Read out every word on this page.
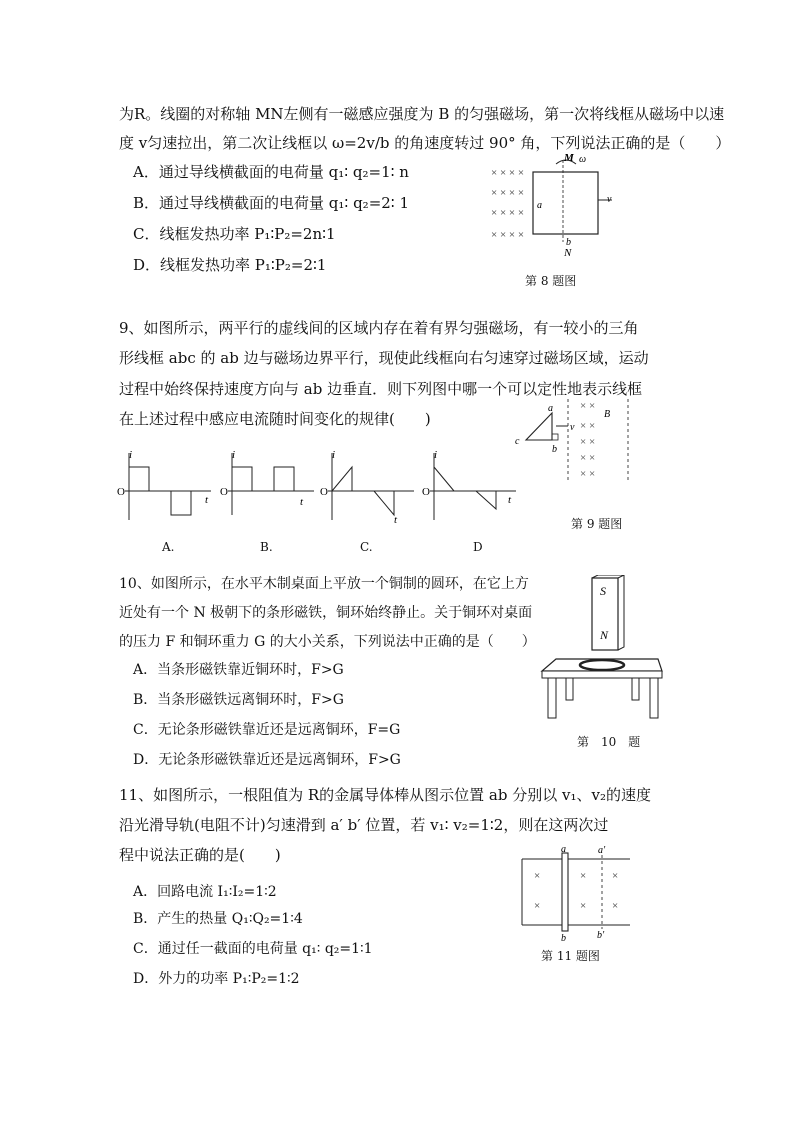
为R。线圈的对称轴 MN左侧有一磁感应强度为 B 的匀强磁场，第一次将线框从磁场中以速
度 v匀速拉出，第二次让线框以 ω=2v/b 的角速度转过 90° 角，下列说法正确的是（　　）
A．通过导线横截面的电荷量 q₁∶ q₂=1∶ n
B．通过导线横截面的电荷量 q₁∶ q₂=2∶ 1
C．线框发热功率 P₁∶P₂=2n∶1
D．线框发热功率 P₁∶P₂=2∶1
× × × ×
× × × ×
× × × ×
× × × ×
M ω
a
b
N
v
第 8 题图
9、如图所示，两平行的虚线间的区域内存在着有界匀强磁场，有一较小的三角
形线框 abc 的 ab 边与磁场边界平行，现使此线框向右匀速穿过磁场区域，运动
过程中始终保持速度方向与 ab 边垂直．则下列图中哪一个可以定性地表示线框
在上述过程中感应电流随时间变化的规律(　　)
× ×
× ×
× ×
× ×
× ×
a
b
c
v
B
第 9 题图
i
O
t
A.
i
O
t
B.
i
O
t
C.
i
O
t
D
10、如图所示，在水平木制桌面上平放一个铜制的圆环，在它上方
近处有一个 N 极朝下的条形磁铁，铜环始终静止。关于铜环对桌面
的压力 F 和铜环重力 G 的大小关系，下列说法中正确的是（　　）
A．当条形磁铁靠近铜环时，F>G
B．当条形磁铁远离铜环时，F>G
C．无论条形磁铁靠近还是远离铜环，F=G
D．无论条形磁铁靠近还是远离铜环，F>G
S
N
第　10　题
11、如图所示，一根阻值为 R的金属导体棒从图示位置 ab 分别以 v₁、v₂的速度
沿光滑导轨(电阻不计)匀速滑到 a′ b′ 位置，若 v₁∶ v₂=1∶2，则在这两次过
程中说法正确的是(　　)
A．回路电流 I₁∶I₂=1∶2
B．产生的热量 Q₁∶Q₂=1∶4
C．通过任一截面的电荷量 q₁∶ q₂=1∶1
D．外力的功率 P₁∶P₂=1∶2
×
×
×
×
×
×
a
b
a′
b′
第 11 题图
